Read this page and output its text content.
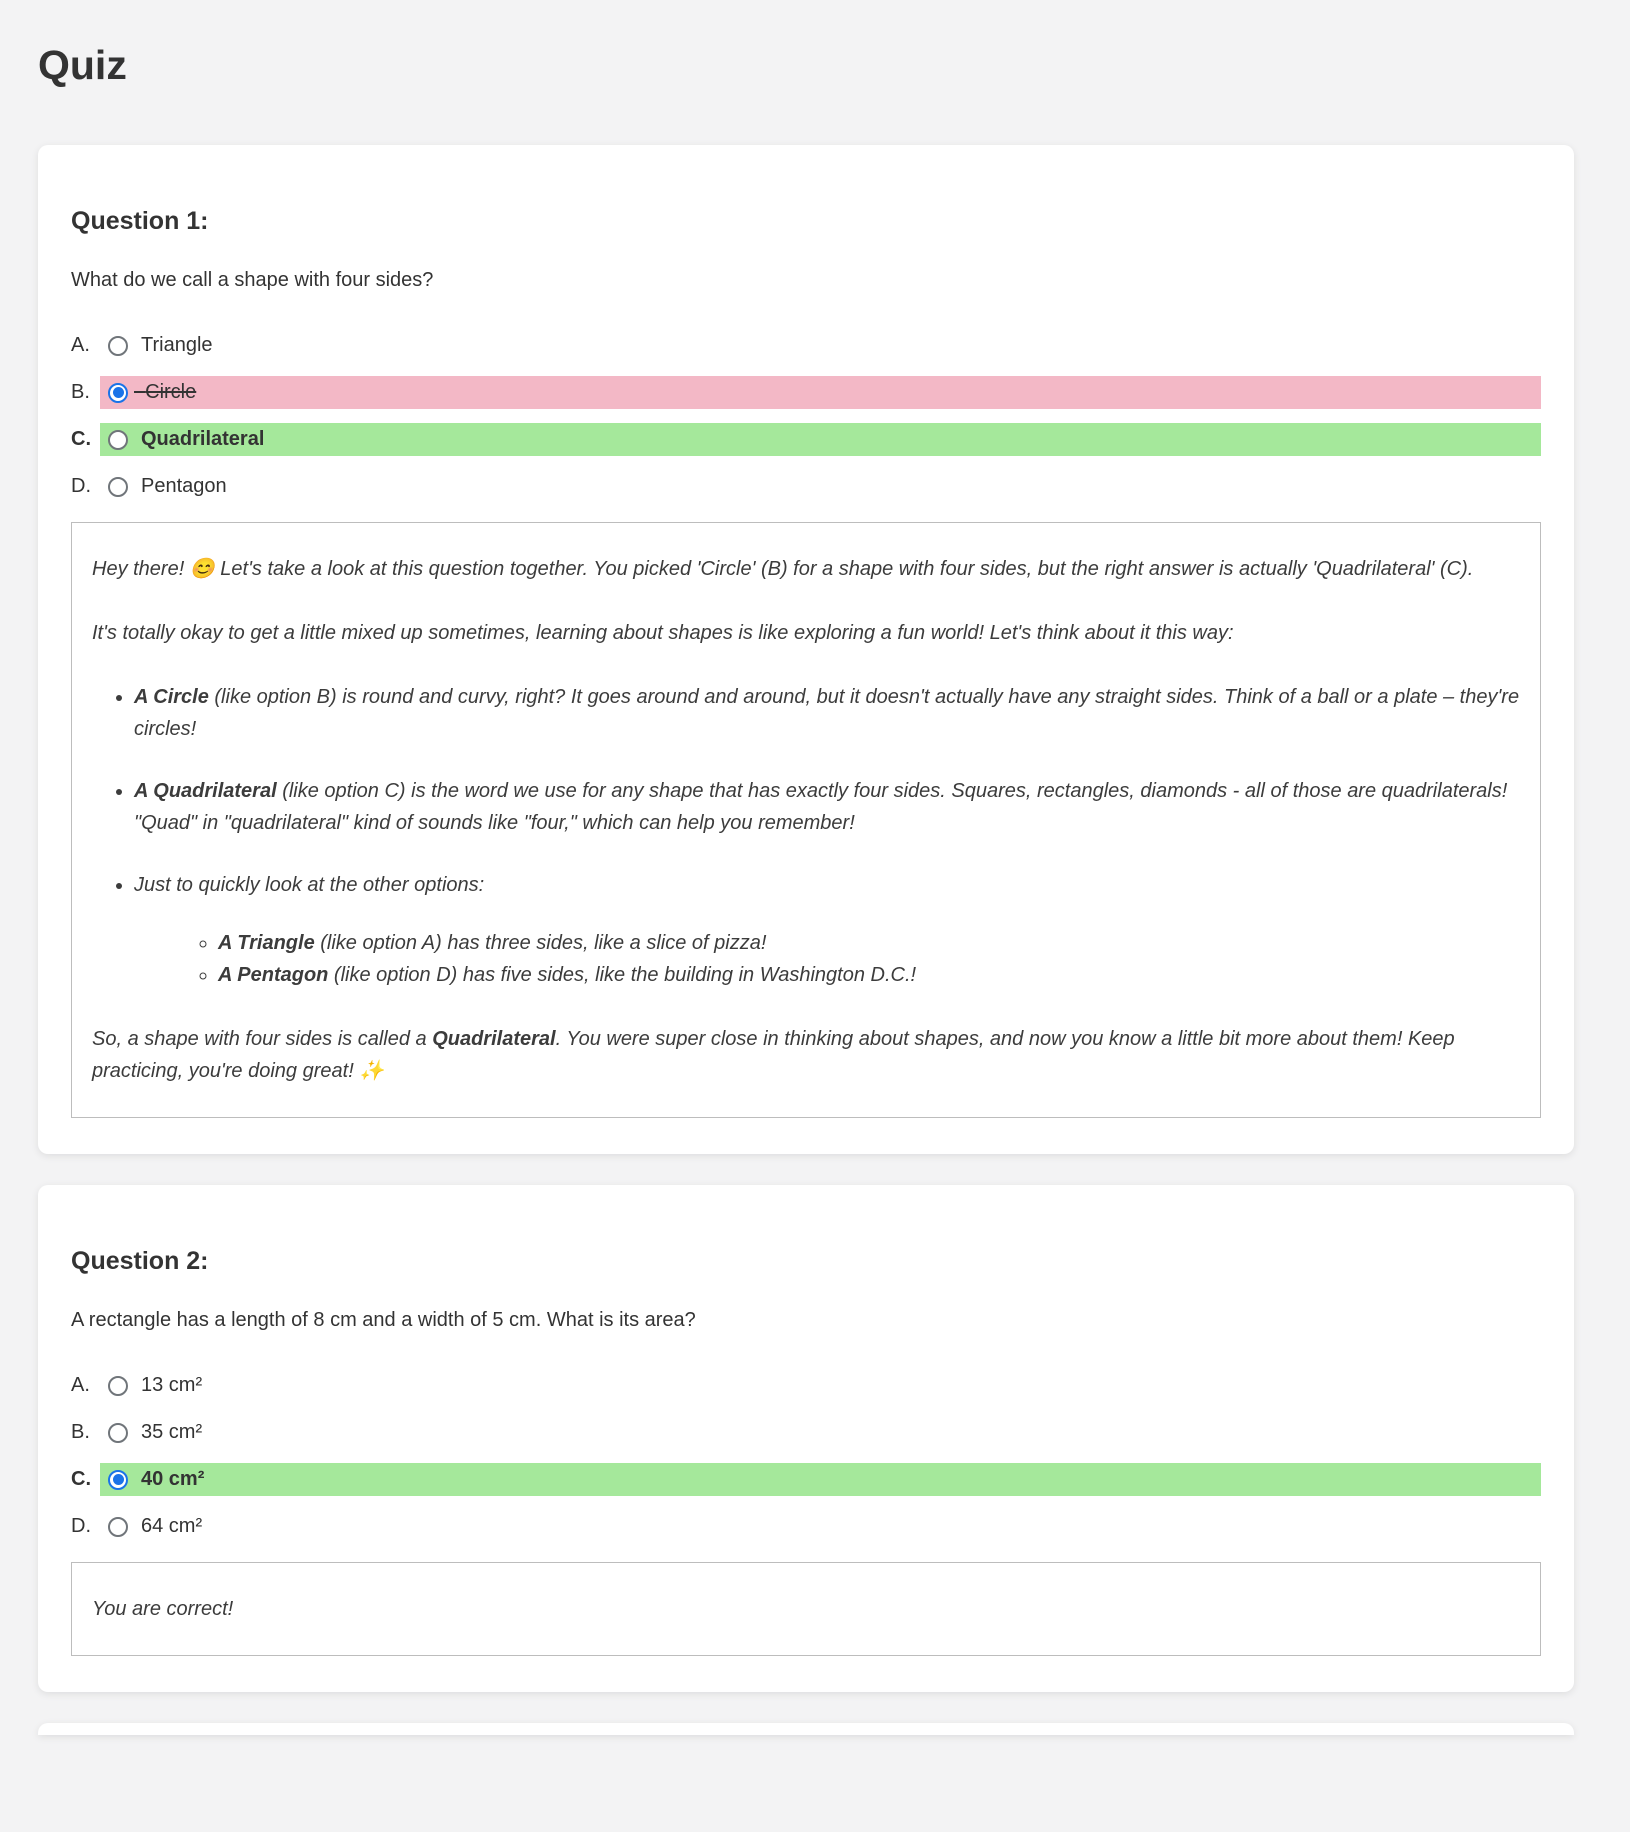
Quiz
Question 1:

What do we call a shape with four sides?

A.	Triangle
B.	Circle
C.	Quadrilateral
D.	Pentagon

Hey there! 😊 Let's take a look at this question together. You picked 'Circle' (B) for a shape with four sides, but the right answer is actually 'Quadrilateral' (C).

It's totally okay to get a little mixed up sometimes, learning about shapes is like exploring a fun world! Let's think about it this way:

• A Circle (like option B) is round and curvy, right? It goes around and around, but it doesn't actually have any straight sides. Think of a ball or a plate – they're circles!
• A Quadrilateral (like option C) is the word we use for any shape that has exactly four sides. Squares, rectangles, diamonds - all of those are quadrilaterals! "Quad" in "quadrilateral" kind of sounds like "four," which can help you remember!
• Just to quickly look at the other options:
◦ A Triangle (like option A) has three sides, like a slice of pizza!
◦ A Pentagon (like option D) has five sides, like the building in Washington D.C.!

So, a shape with four sides is called a Quadrilateral. You were super close in thinking about shapes, and now you know a little bit more about them! Keep practicing, you're doing great! ✨

Question 2:

A rectangle has a length of 8 cm and a width of 5 cm. What is its area?

A.	13 cm²
B.	35 cm²
C.	40 cm²
D.	64 cm²

You are correct!
